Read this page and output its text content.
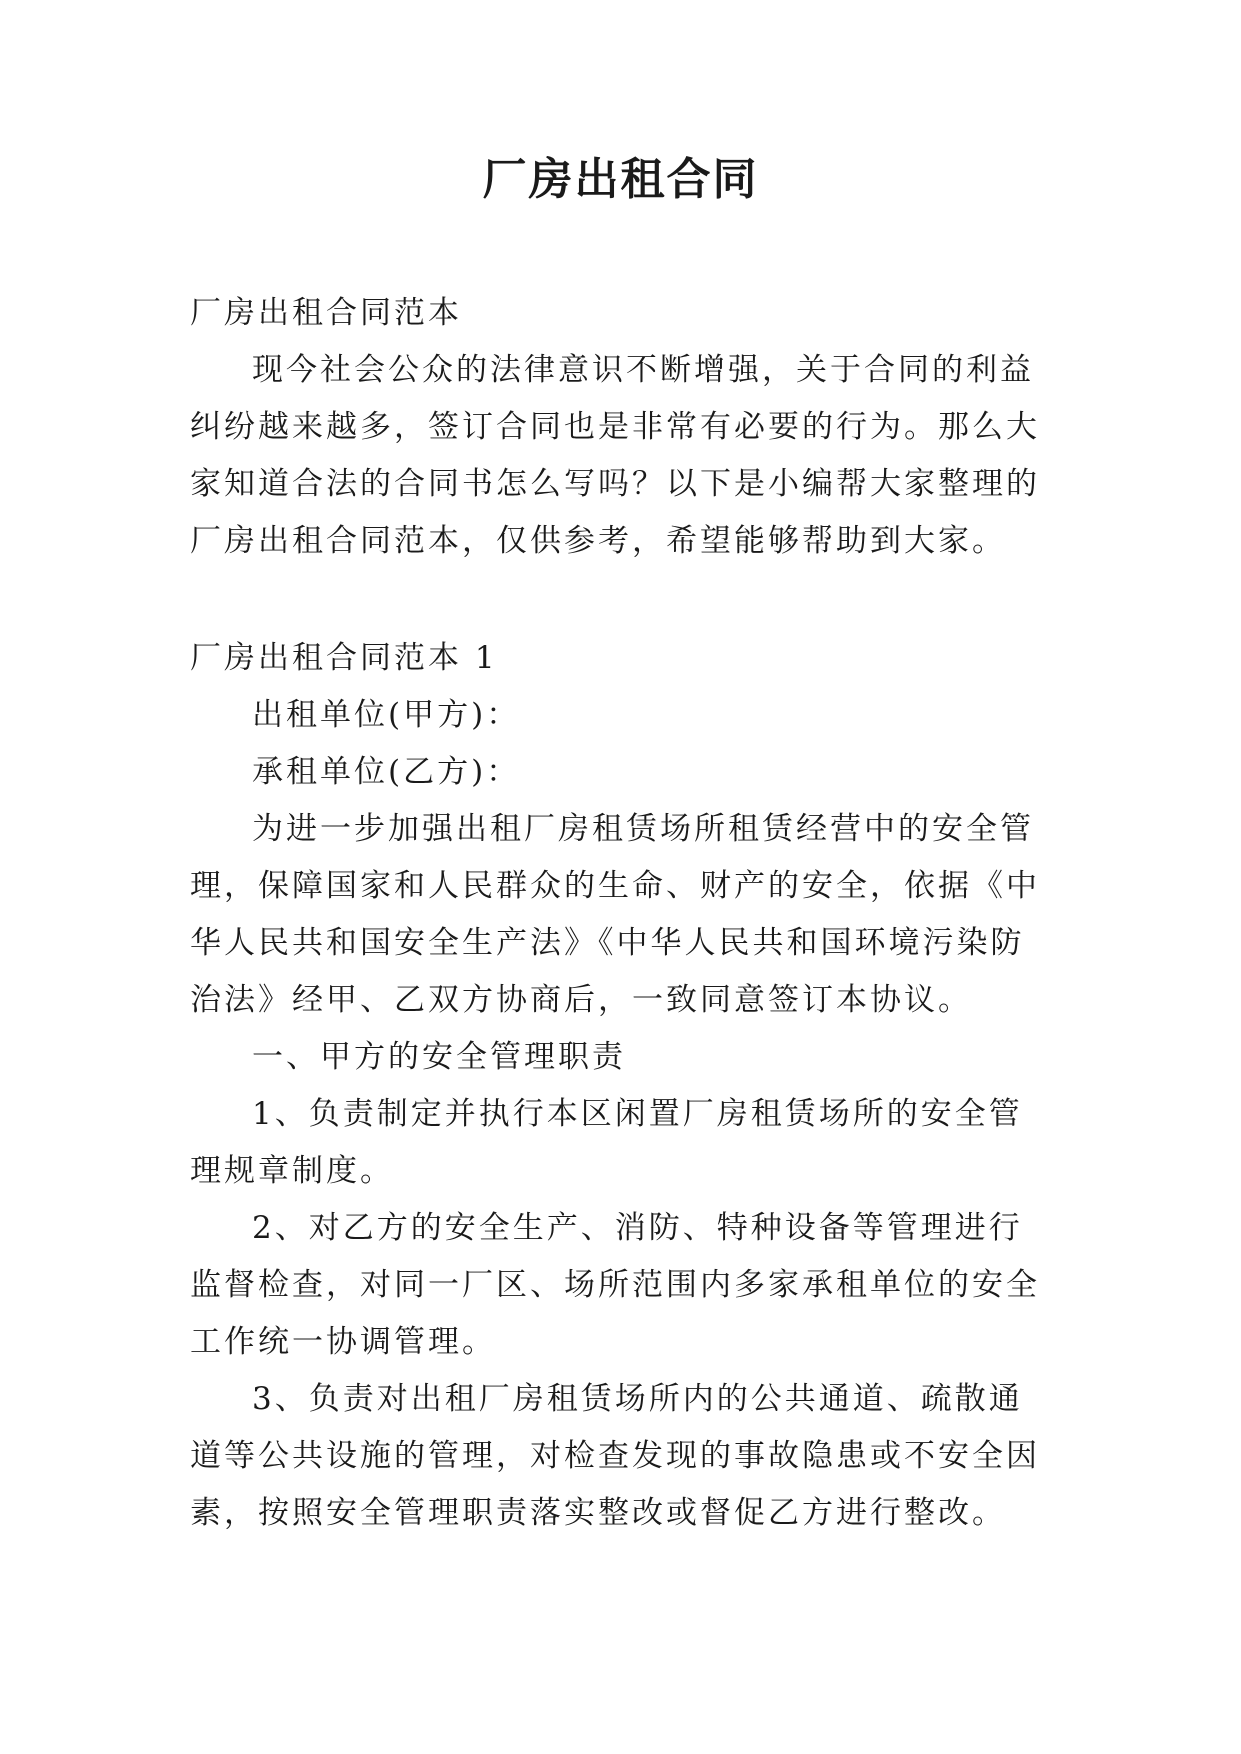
厂房出租合同

厂房出租合同范本

现今社会公众的法律意识不断增强，关于合同的利益纠纷越来越多，签订合同也是非常有必要的行为。那么大家知道合法的合同书怎么写吗？以下是小编帮大家整理的厂房出租合同范本，仅供参考，希望能够帮助到大家。

厂房出租合同范本 1

出租单位(甲方)：

承租单位(乙方)：

为进一步加强出租厂房租赁场所租赁经营中的安全管理，保障国家和人民群众的生命、财产的安全，依据《中华人民共和国安全生产法》《中华人民共和国环境污染防治法》经甲、乙双方协商后，一致同意签订本协议。

一、甲方的安全管理职责

1、负责制定并执行本区闲置厂房租赁场所的安全管理规章制度。

2、对乙方的安全生产、消防、特种设备等管理进行监督检查，对同一厂区、场所范围内多家承租单位的安全工作统一协调管理。

3、负责对出租厂房租赁场所内的公共通道、疏散通道等公共设施的管理，对检查发现的事故隐患或不安全因素，按照安全管理职责落实整改或督促乙方进行整改。
